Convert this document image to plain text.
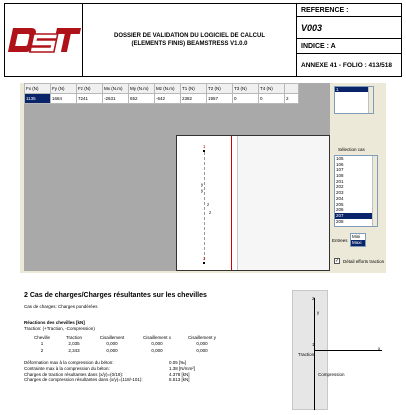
DOSSIER DE VALIDATION DU LOGICIEL DE CALCUL (ELEMENTS FINIS) BEAMSTRESS V1.0.0
REFERENCE :
V003
INDICE : A
ANNEXE 41 - FOLIO : 413/518
Fx (N)	Fy (N)	Fz (N)	Mx (N.m)	My (N.m)	Mz (N.m)	T1 (N)	T2 (N)	T3 (N)	T4 (N)	
1135	1684	7241	-2631	652	-642	2382	1957	0	0	2
1
y
z
2
y
z
1
Sélection cas
105
106
107
108
201
202
203
204
205
206
207
208
Entrees
Mini
Maxi
✓ Détail efforts traction
2 Cas de charges/Charges résultantes sur les chevilles
Cas de charges: Charges pondérées
Réactions des chevilles [kN]
Traction: (+Traction, -Compression)
Cheville	Traction	Cisaillement	Cisaillement x	Cisaillement y
1	2,035	0,000	0,000	0,000
2	2,343	0,000	0,000	0,000
Déformation max à la compression du béton:	0.05 [‰]
Contrainte max à la compression du béton:	1.38 [N/mm²]
Charges de traction résultantes dans (x/y)=(0/19):	4.378 [kN]
Charges de compression résultantes dans (x/y)=(118/-101):	5.513 [kN]
2
y
1
x
Traction
Compression
